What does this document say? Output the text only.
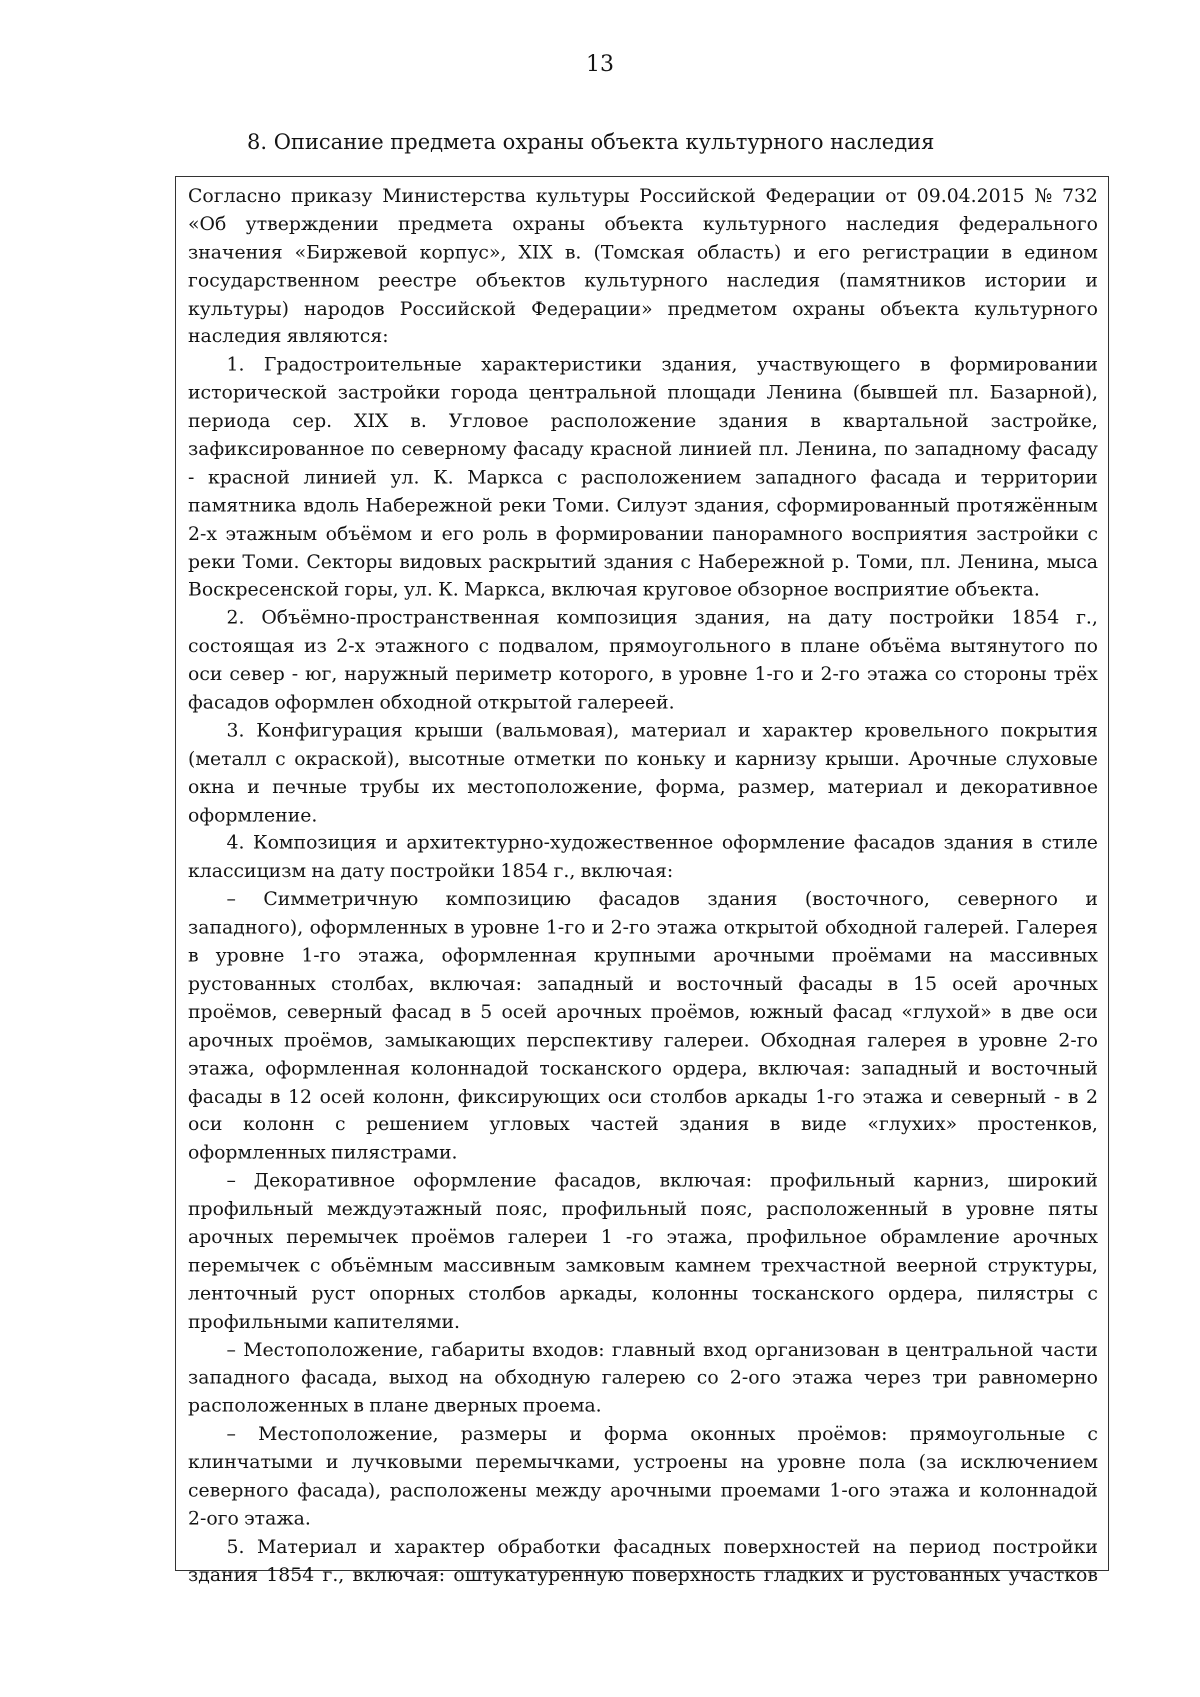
13
8. Описание предмета охраны объекта культурного наследия
Согласно приказу Министерства культуры Российской Федерации от 09.04.2015 № 732
«Об утверждении предмета охраны объекта культурного наследия федерального
значения «Биржевой корпус», XIX в. (Томская область) и его регистрации в едином
государственном реестре объектов культурного наследия (памятников истории и
культуры) народов Российской Федерации» предметом охраны объекта культурного
наследия являются:
1. Градостроительные характеристики здания, участвующего в формировании
исторической застройки города центральной площади Ленина (бывшей пл. Базарной),
периода сер. XIX в. Угловое расположение здания в квартальной застройке,
зафиксированное по северному фасаду красной линией пл. Ленина, по западному фасаду
- красной линией ул. К. Маркса с расположением западного фасада и территории
памятника вдоль Набережной реки Томи. Силуэт здания, сформированный протяжённым
2-х этажным объёмом и его роль в формировании панорамного восприятия застройки с
реки Томи. Секторы видовых раскрытий здания с Набережной р. Томи, пл. Ленина, мыса
Воскресенской горы, ул. К. Маркса, включая круговое обзорное восприятие объекта.
2. Объёмно-пространственная композиция здания, на дату постройки 1854 г.,
состоящая из 2-х этажного с подвалом, прямоугольного в плане объёма вытянутого по
оси север - юг, наружный периметр которого, в уровне 1-го и 2-го этажа со стороны трёх
фасадов оформлен обходной открытой галереей.
3. Конфигурация крыши (вальмовая), материал и характер кровельного покрытия
(металл с окраской), высотные отметки по коньку и карнизу крыши. Арочные слуховые
окна и печные трубы их местоположение, форма, размер, материал и декоративное
оформление.
4. Композиция и архитектурно-художественное оформление фасадов здания в стиле
классицизм на дату постройки 1854 г., включая:
– Симметричную композицию фасадов здания (восточного, северного и
западного), оформленных в уровне 1-го и 2-го этажа открытой обходной галерей. Галерея
в уровне 1-го этажа, оформленная крупными арочными проёмами на массивных
рустованных столбах, включая: западный и восточный фасады в 15 осей арочных
проёмов, северный фасад в 5 осей арочных проёмов, южный фасад «глухой» в две оси
арочных проёмов, замыкающих перспективу галереи. Обходная галерея в уровне 2-го
этажа, оформленная колоннадой тосканского ордера, включая: западный и восточный
фасады в 12 осей колонн, фиксирующих оси столбов аркады 1-го этажа и северный - в 2
оси колонн с решением угловых частей здания в виде «глухих» простенков,
оформленных пилястрами.
– Декоративное оформление фасадов, включая: профильный карниз, широкий
профильный междуэтажный пояс, профильный пояс, расположенный в уровне пяты
арочных перемычек проёмов галереи 1 -го этажа, профильное обрамление арочных
перемычек с объёмным массивным замковым камнем трехчастной веерной структуры,
ленточный руст опорных столбов аркады, колонны тосканского ордера, пилястры с
профильными капителями.
– Местоположение, габариты входов: главный вход организован в центральной части
западного фасада, выход на обходную галерею со 2-ого этажа через три равномерно
расположенных в плане дверных проема.
– Местоположение, размеры и форма оконных проёмов: прямоугольные с
клинчатыми и лучковыми перемычками, устроены на уровне пола (за исключением
северного фасада), расположены между арочными проемами 1-ого этажа и колоннадой
2-ого этажа.
5. Материал и характер обработки фасадных поверхностей на период постройки
здания 1854 г., включая: оштукатуренную поверхность гладких и рустованных участков
